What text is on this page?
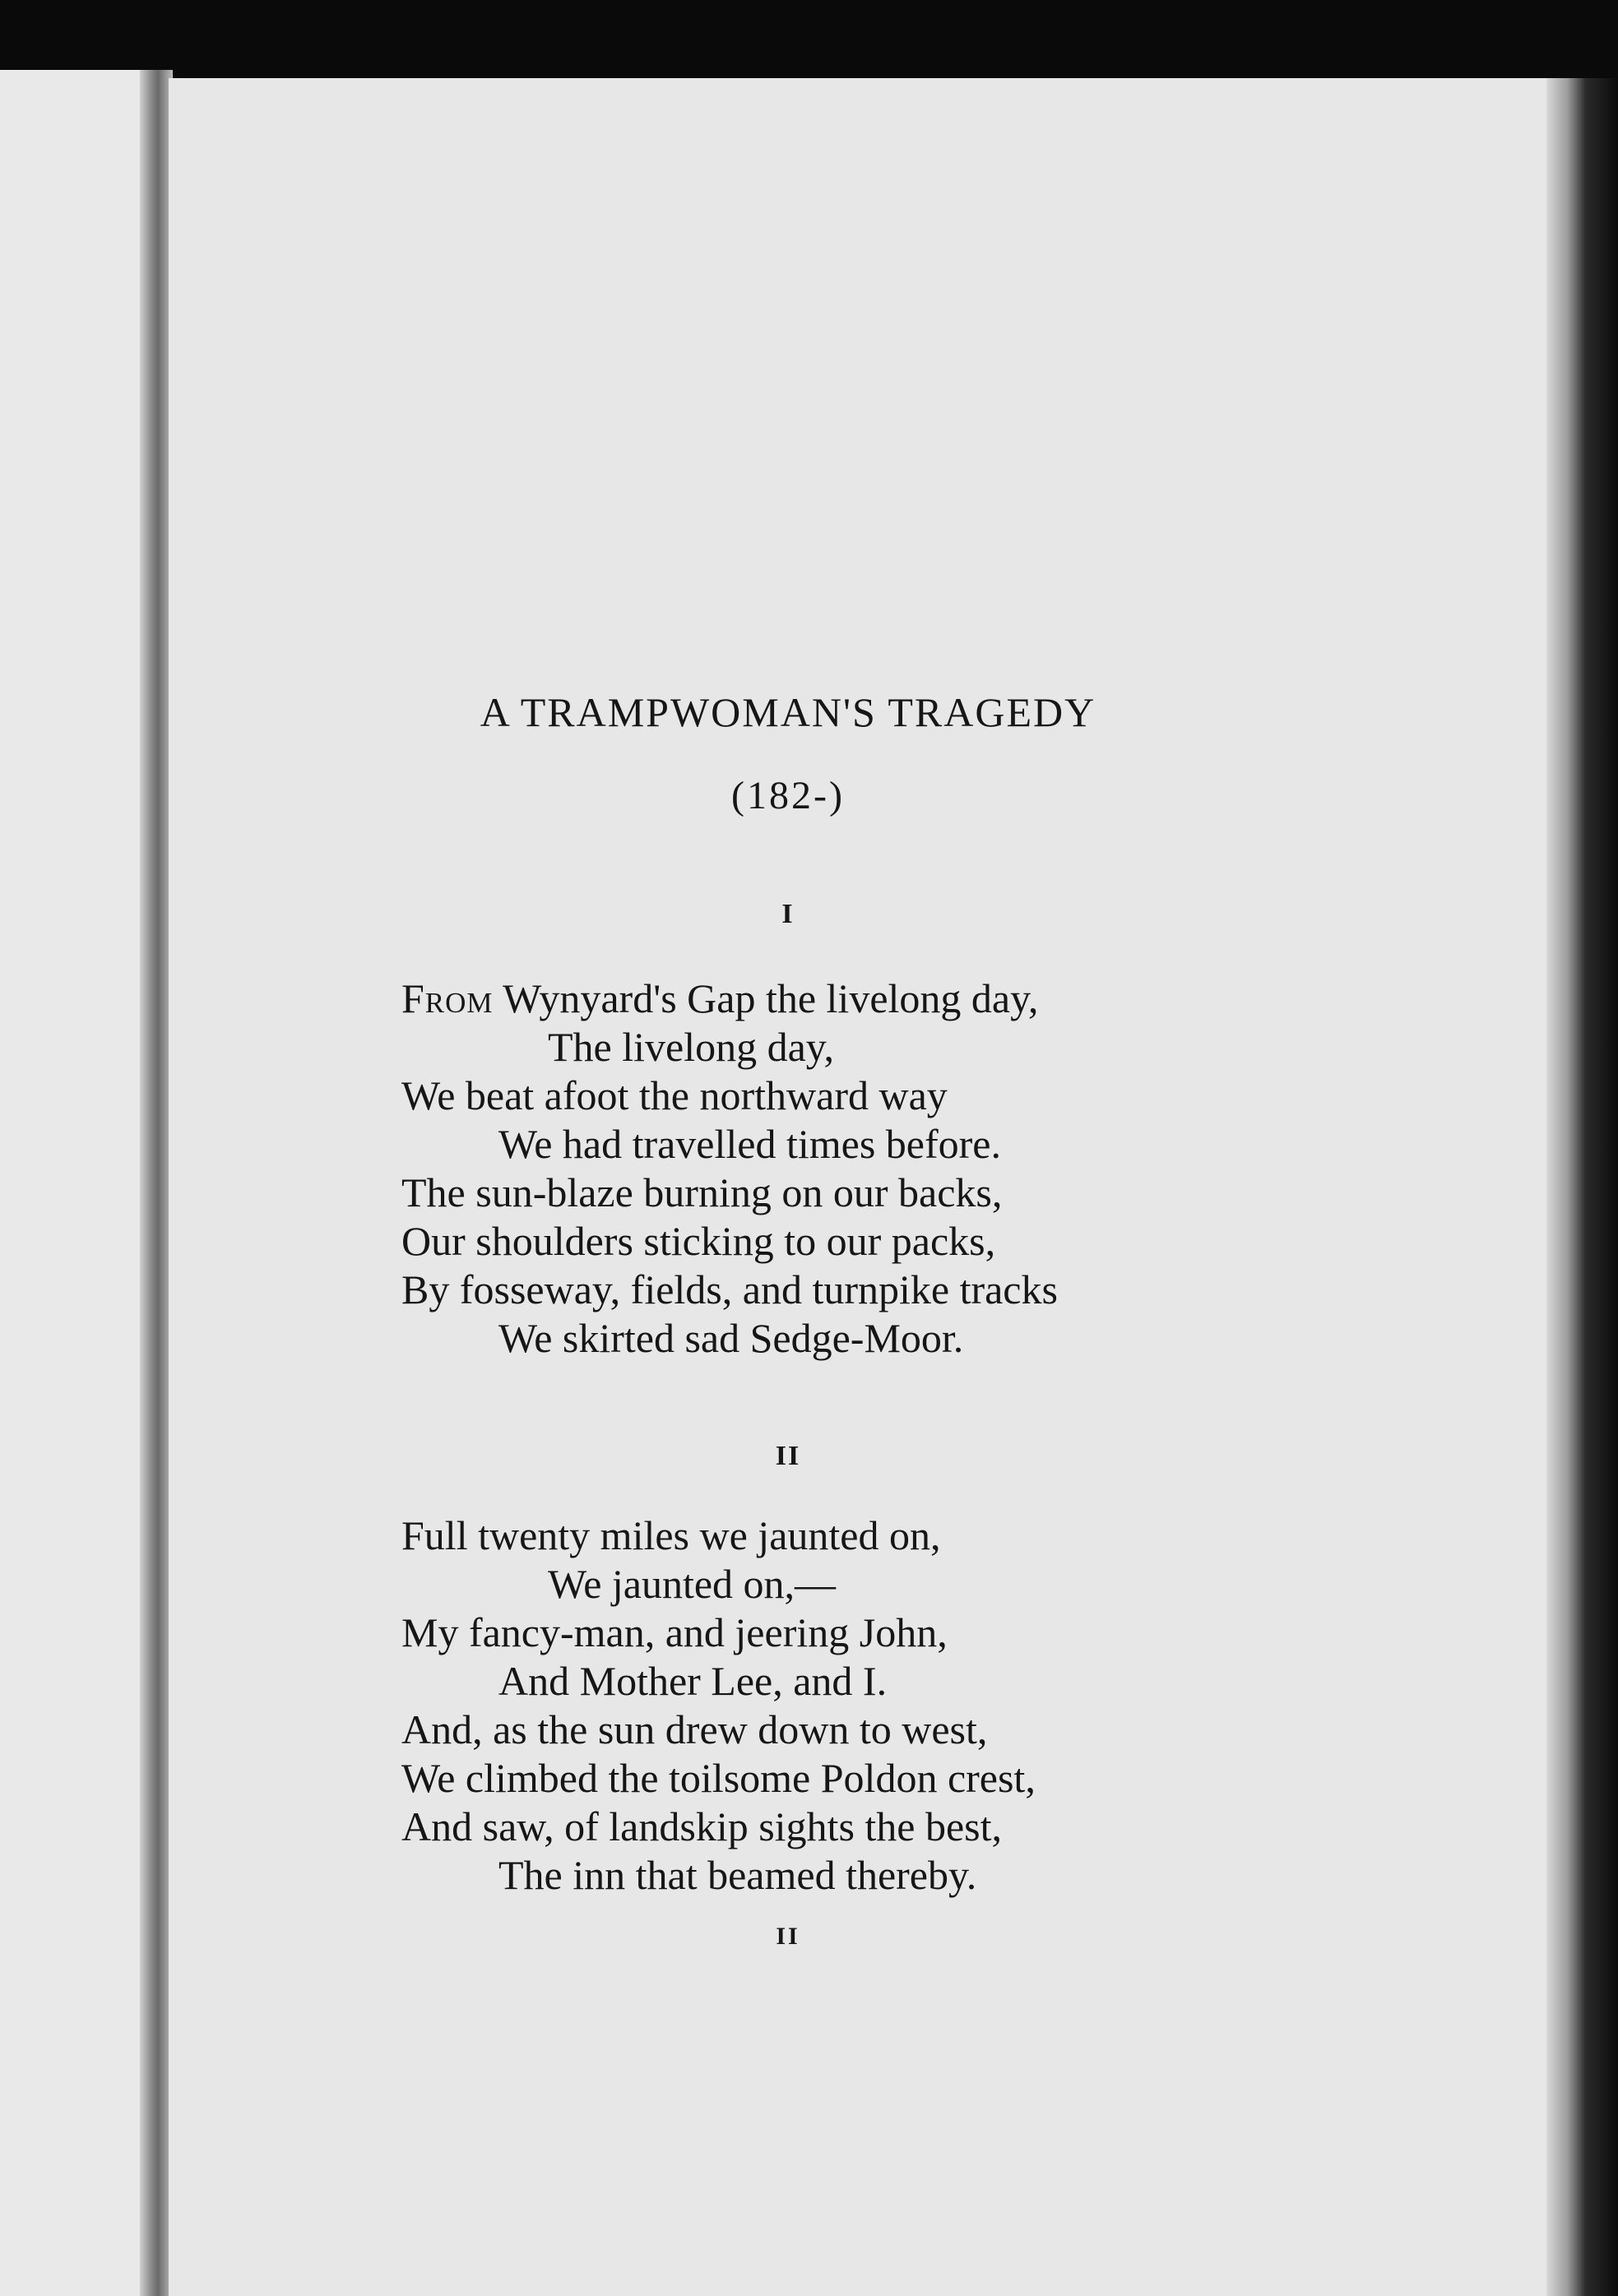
A TRAMPWOMAN'S TRAGEDY

(182-)

I

From Wynyard's Gap the livelong day,
The livelong day,
We beat afoot the northward way
We had travelled times before.
The sun-blaze burning on our backs,
Our shoulders sticking to our packs,
By fosseway, fields, and turnpike tracks
We skirted sad Sedge-Moor.

II

Full twenty miles we jaunted on,
We jaunted on,—
My fancy-man, and jeering John,
And Mother Lee, and I.
And, as the sun drew down to west,
We climbed the toilsome Poldon crest,
And saw, of landskip sights the best,
The inn that beamed thereby.

II
